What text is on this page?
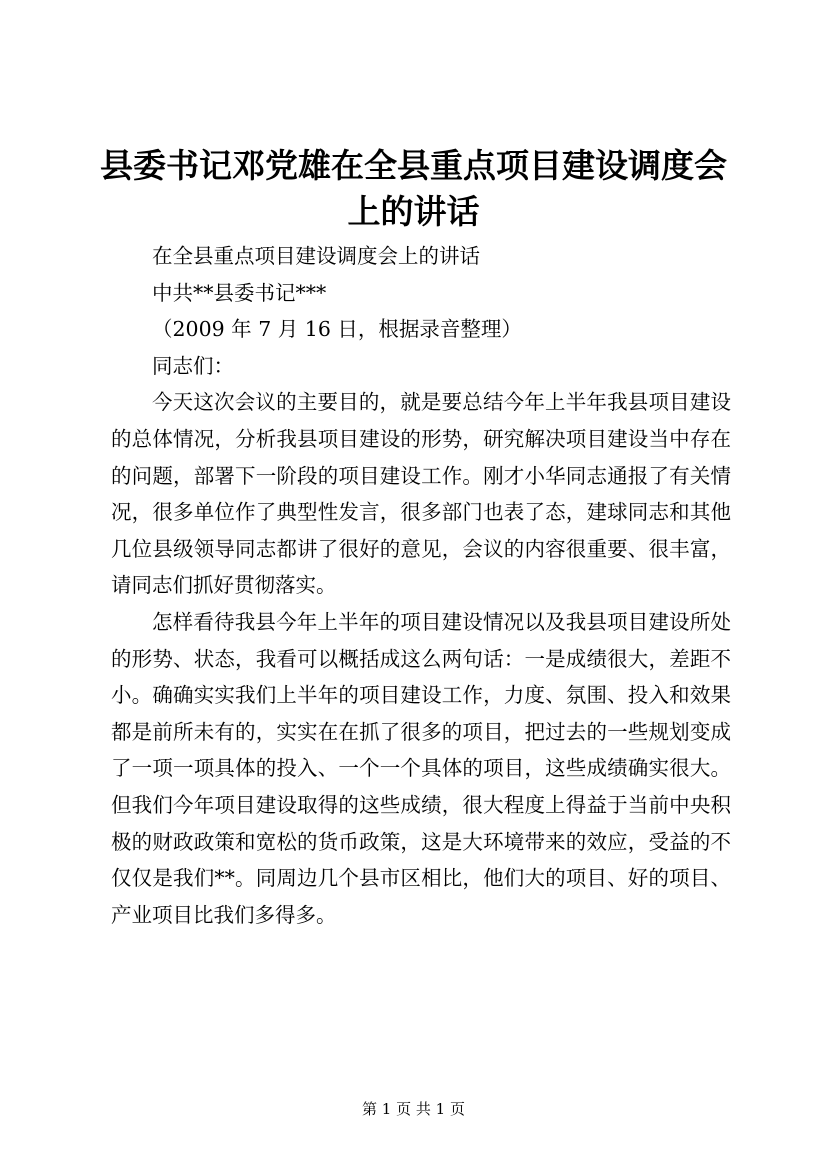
县委书记邓党雄在全县重点项目建设调度会上的讲话

在全县重点项目建设调度会上的讲话

中共**县委书记***

（2009 年 7 月 16 日，根据录音整理）

同志们：

今天这次会议的主要目的，就是要总结今年上半年我县项目建设的总体情况，分析我县项目建设的形势，研究解决项目建设当中存在的问题，部署下一阶段的项目建设工作。刚才小华同志通报了有关情况，很多单位作了典型性发言，很多部门也表了态，建球同志和其他几位县级领导同志都讲了很好的意见，会议的内容很重要、很丰富，请同志们抓好贯彻落实。

怎样看待我县今年上半年的项目建设情况以及我县项目建设所处的形势、状态，我看可以概括成这么两句话：一是成绩很大，差距不小。确确实实我们上半年的项目建设工作，力度、氛围、投入和效果都是前所未有的，实实在在抓了很多的项目，把过去的一些规划变成了一项一项具体的投入、一个一个具体的项目，这些成绩确实很大。但我们今年项目建设取得的这些成绩，很大程度上得益于当前中央积极的财政政策和宽松的货币政策，这是大环境带来的效应，受益的不仅仅是我们**。同周边几个县市区相比，他们大的项目、好的项目、产业项目比我们多得多。

第 1 页 共 1 页
